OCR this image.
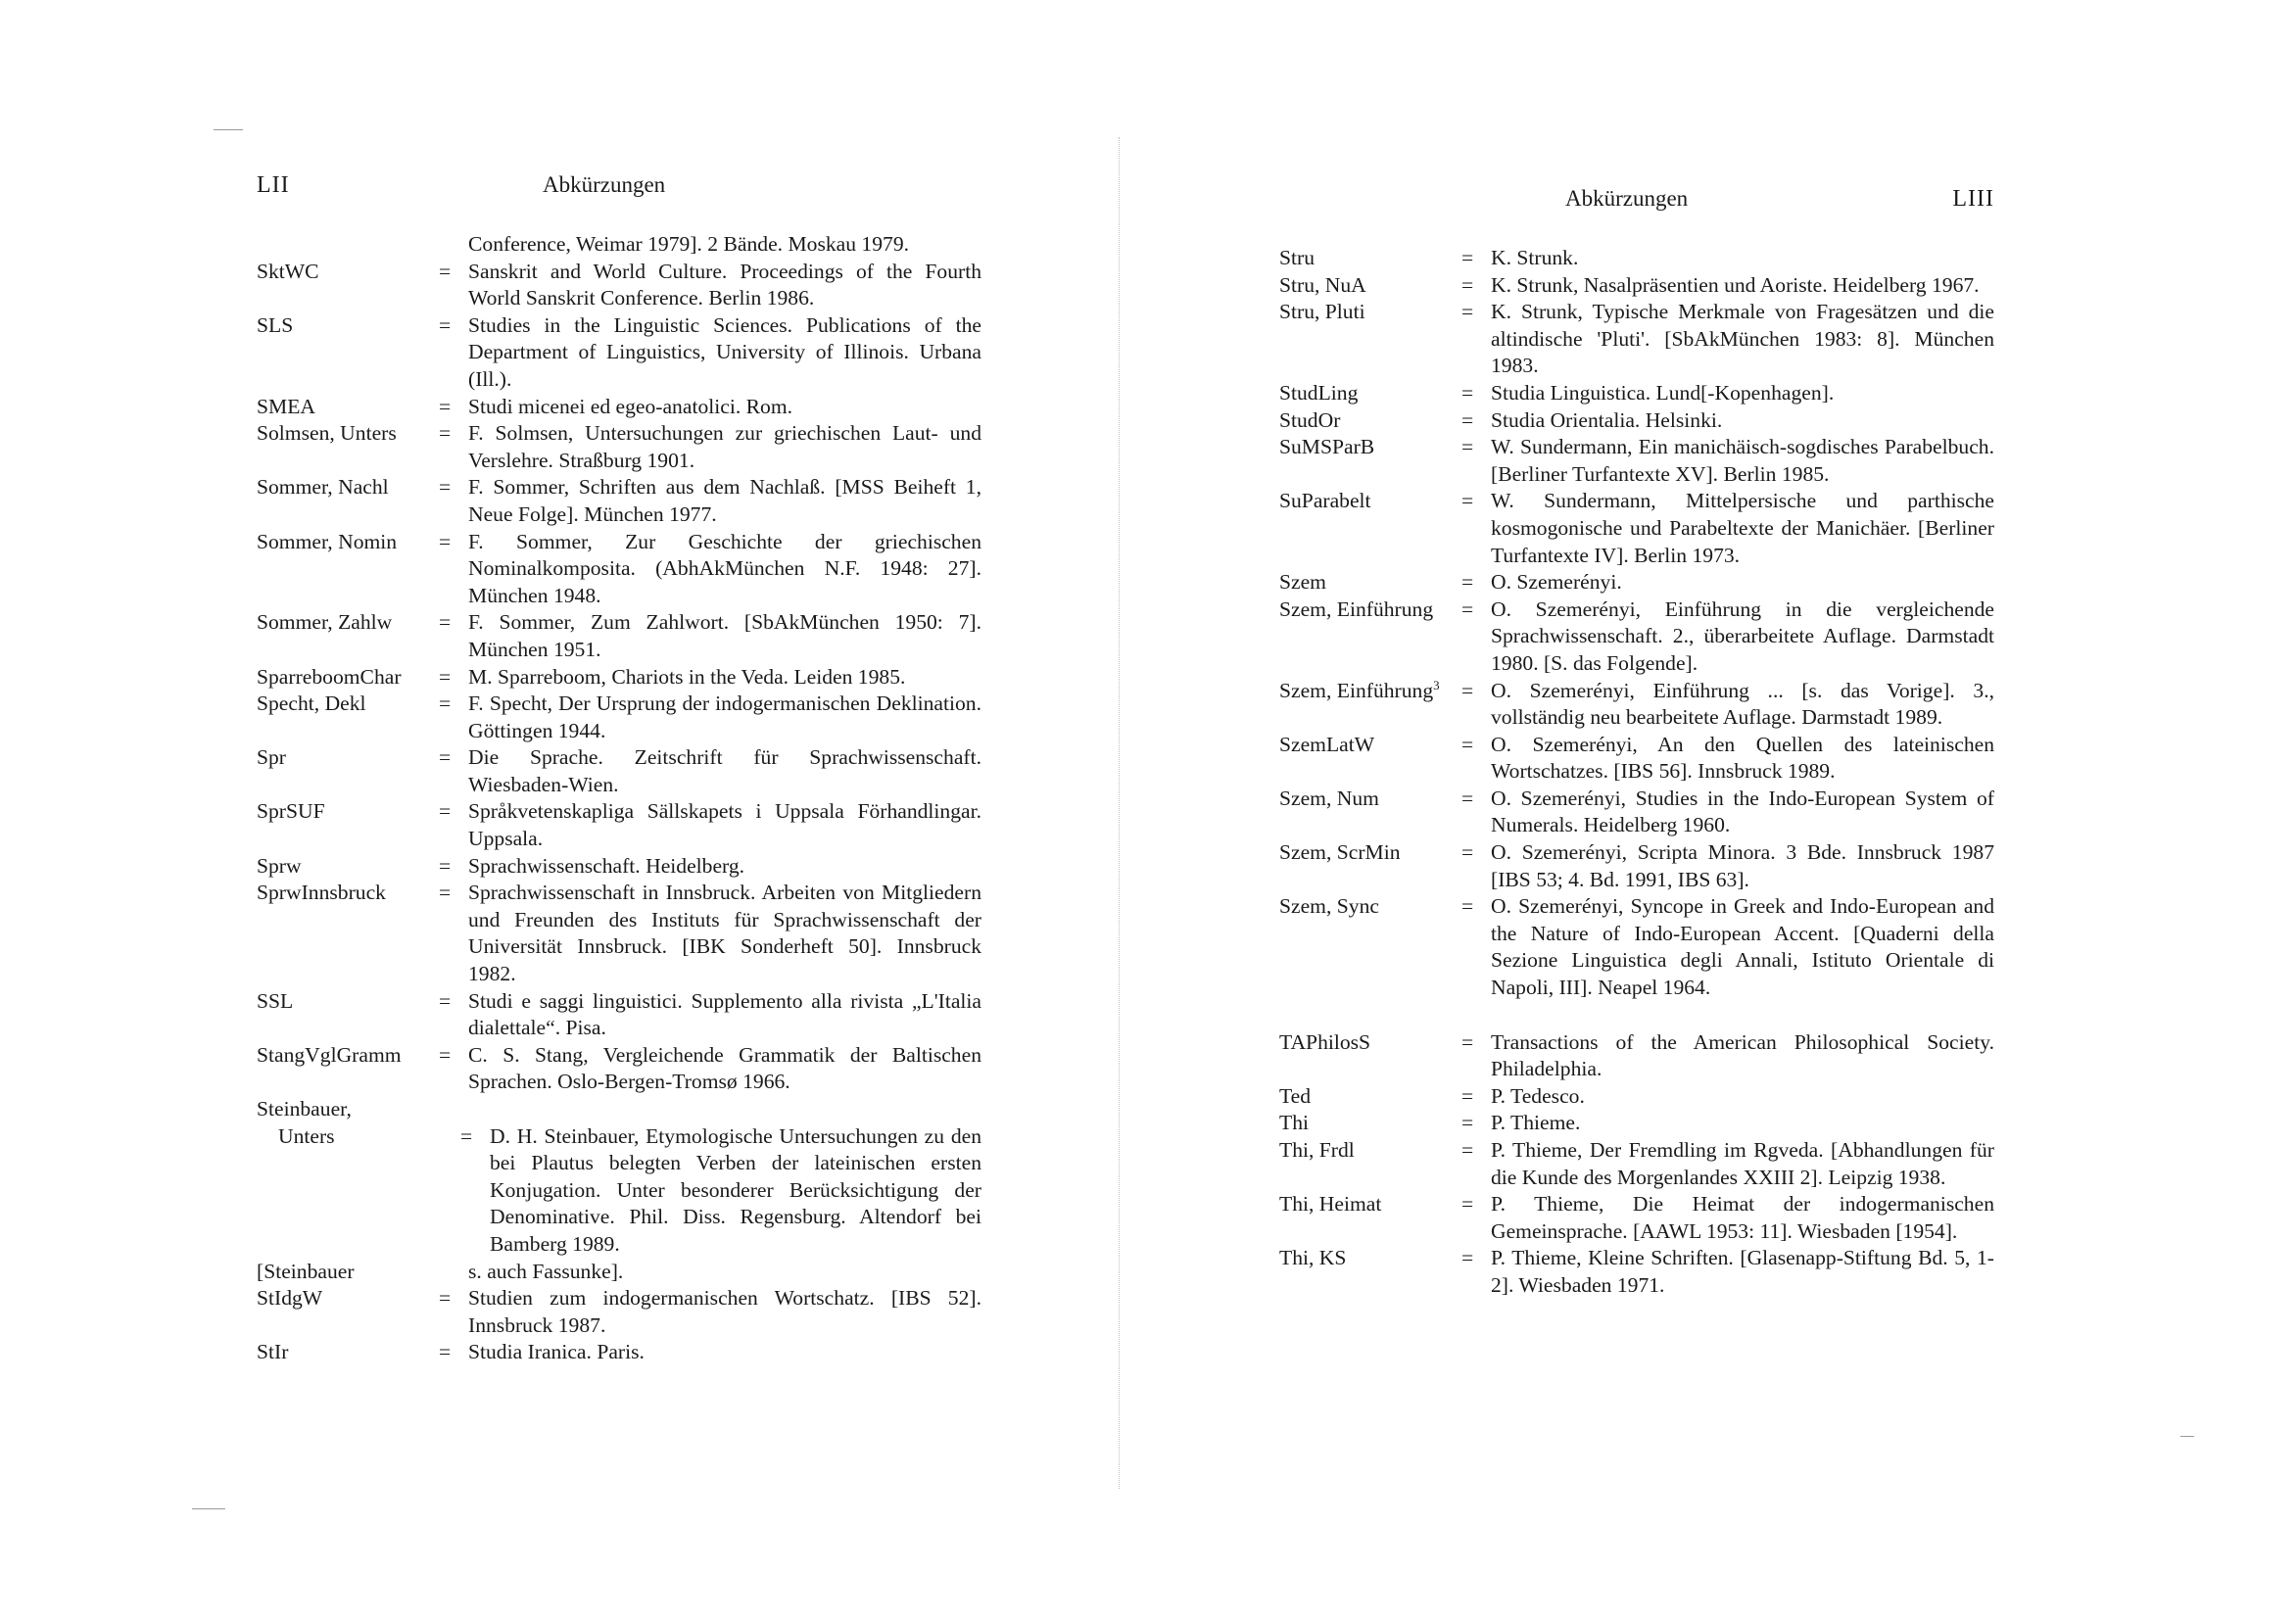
LII	Abkürzungen
Conference, Weimar 1979]. 2 Bände. Moskau 1979.
SktWC	= Sanskrit and World Culture. Proceedings of the Fourth World Sanskrit Conference. Berlin 1986.
SLS	= Studies in the Linguistic Sciences. Publications of the Department of Linguistics, University of Illinois. Urbana (Ill.).
SMEA	= Studi micenei ed egeo-anatolici. Rom.
Solmsen, Unters	= F. Solmsen, Untersuchungen zur griechischen Laut- und Verslehre. Straßburg 1901.
Sommer, Nachl	= F. Sommer, Schriften aus dem Nachlaß. [MSS Beiheft 1, Neue Folge]. München 1977.
Sommer, Nomin	= F. Sommer, Zur Geschichte der griechischen Nominalkomposita. (AbhAkMünchen N.F. 1948: 27]. München 1948.
Sommer, Zahlw	= F. Sommer, Zum Zahlwort. [SbAkMünchen 1950: 7]. München 1951.
SparreboomChar	= M. Sparreboom, Chariots in the Veda. Leiden 1985.
Specht, Dekl	= F. Specht, Der Ursprung der indogermanischen Deklination. Göttingen 1944.
Spr	= Die Sprache. Zeitschrift für Sprachwissenschaft. Wiesbaden-Wien.
SprSUF	= Språkvetenskapliga Sällskapets i Uppsala Förhandlingar. Uppsala.
Sprw	= Sprachwissenschaft. Heidelberg.
SprwInnsbruck	= Sprachwissenschaft in Innsbruck. Arbeiten von Mitgliedern und Freunden des Instituts für Sprachwissenschaft der Universität Innsbruck. [IBK Sonderheft 50]. Innsbruck 1982.
SSL	= Studi e saggi linguistici. Supplemento alla rivista „L'Italia dialettale“. Pisa.
StangVglGramm	= C. S. Stang, Vergleichende Grammatik der Baltischen Sprachen. Oslo-Bergen-Tromsø 1966.
Steinbauer,
Unters	= D. H. Steinbauer, Etymologische Untersuchungen zu den bei Plautus belegten Verben der lateinischen ersten Konjugation. Unter besonderer Berücksichtigung der Denominative. Phil. Diss. Regensburg. Altendorf bei Bamberg 1989.
[Steinbauer	s. auch Fassunke].
StIdgW	= Studien zum indogermanischen Wortschatz. [IBS 52]. Innsbruck 1987.
StIr	= Studia Iranica. Paris.
Abkürzungen	LIII
Stru	= K. Strunk.
Stru, NuA	= K. Strunk, Nasalpräsentien und Aoriste. Heidelberg 1967.
Stru, Pluti	= K. Strunk, Typische Merkmale von Fragesätzen und die altindische 'Pluti'. [SbAkMünchen 1983: 8]. München 1983.
StudLing	= Studia Linguistica. Lund[-Kopenhagen].
StudOr	= Studia Orientalia. Helsinki.
SuMSParB	= W. Sundermann, Ein manichäisch-sogdisches Parabelbuch. [Berliner Turfantexte XV]. Berlin 1985.
SuParabelt	= W. Sundermann, Mittelpersische und parthische kosmogonische und Parabeltexte der Manichäer. [Berliner Turfantexte IV]. Berlin 1973.
Szem	= O. Szemerényi.
Szem, Einführung	= O. Szemerényi, Einführung in die vergleichende Sprachwissenschaft. 2., überarbeitete Auflage. Darmstadt 1980. [S. das Folgende].
Szem, Einführung$^3$	= O. Szemerényi, Einführung ... [s. das Vorige]. 3., vollständig neu bearbeitete Auflage. Darmstadt 1989.
SzemLatW	= O. Szemerényi, An den Quellen des lateinischen Wortschatzes. [IBS 56]. Innsbruck 1989.
Szem, Num	= O. Szemerényi, Studies in the Indo-European System of Numerals. Heidelberg 1960.
Szem, ScrMin	= O. Szemerényi, Scripta Minora. 3 Bde. Innsbruck 1987 [IBS 53; 4. Bd. 1991, IBS 63].
Szem, Sync	= O. Szemerényi, Syncope in Greek and Indo-European and the Nature of Indo-European Accent. [Quaderni della Sezione Linguistica degli Annali, Istituto Orientale di Napoli, III]. Neapel 1964.
TAPhilosS	= Transactions of the American Philosophical Society. Philadelphia.
Ted	= P. Tedesco.
Thi	= P. Thieme.
Thi, Frdl	= P. Thieme, Der Fremdling im Rgveda. [Abhandlungen für die Kunde des Morgenlandes XXIII 2]. Leipzig 1938.
Thi, Heimat	= P. Thieme, Die Heimat der indogermanischen Gemeinsprache. [AAWL 1953: 11]. Wiesbaden [1954].
Thi, KS	= P. Thieme, Kleine Schriften. [Glasenapp-Stiftung Bd. 5, 1-2]. Wiesbaden 1971.
